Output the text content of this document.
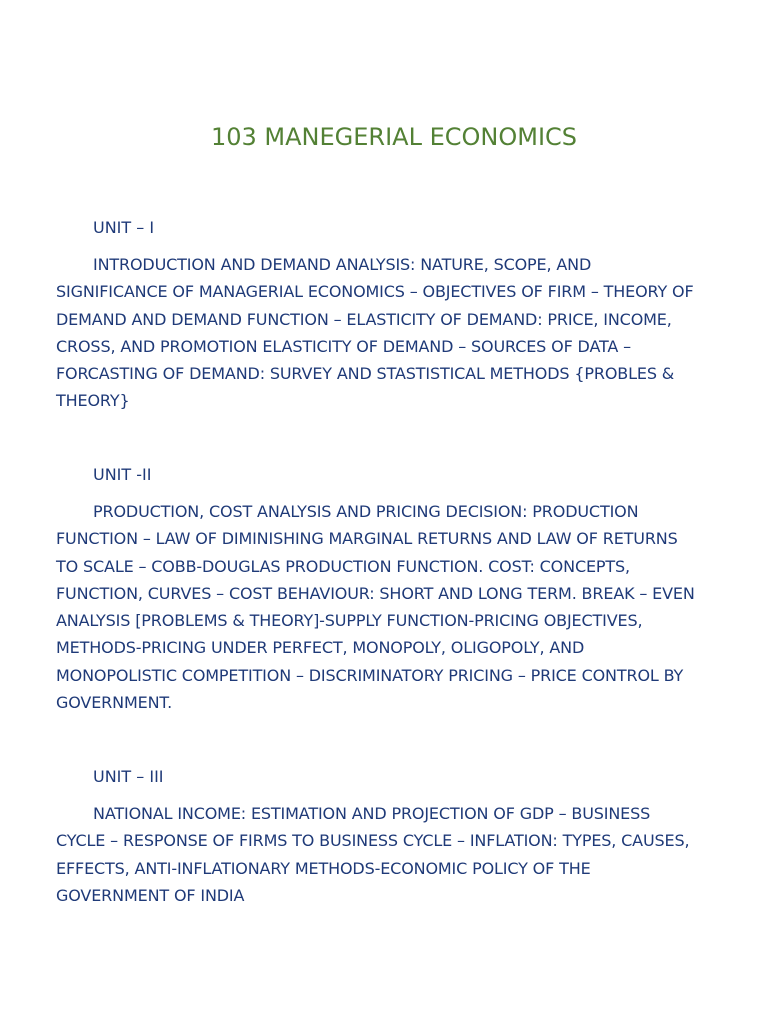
103 MANEGERIAL ECONOMICS
UNIT – I

INTRODUCTION AND DEMAND ANALYSIS: NATURE, SCOPE, AND SIGNIFICANCE OF MANAGERIAL ECONOMICS – OBJECTIVES OF FIRM – THEORY OF DEMAND AND DEMAND FUNCTION – ELASTICITY OF DEMAND: PRICE, INCOME, CROSS, AND PROMOTION ELASTICITY OF DEMAND – SOURCES OF DATA – FORCASTING OF DEMAND: SURVEY AND STASTISTICAL METHODS {PROBLES & THEORY}

UNIT -II

PRODUCTION, COST ANALYSIS AND PRICING DECISION: PRODUCTION FUNCTION – LAW OF DIMINISHING MARGINAL RETURNS AND LAW OF RETURNS TO SCALE – COBB-DOUGLAS PRODUCTION FUNCTION. COST: CONCEPTS, FUNCTION, CURVES – COST BEHAVIOUR: SHORT AND LONG TERM. BREAK – EVEN ANALYSIS [PROBLEMS & THEORY]-SUPPLY FUNCTION-PRICING OBJECTIVES, METHODS-PRICING UNDER PERFECT, MONOPOLY, OLIGOPOLY, AND MONOPOLISTIC COMPETITION – DISCRIMINATORY PRICING – PRICE CONTROL BY GOVERNMENT.

UNIT – III

NATIONAL INCOME: ESTIMATION AND PROJECTION OF GDP – BUSINESS CYCLE – RESPONSE OF FIRMS TO BUSINESS CYCLE – INFLATION: TYPES, CAUSES, EFFECTS, ANTI-INFLATIONARY METHODS-ECONOMIC POLICY OF THE GOVERNMENT OF INDIA
